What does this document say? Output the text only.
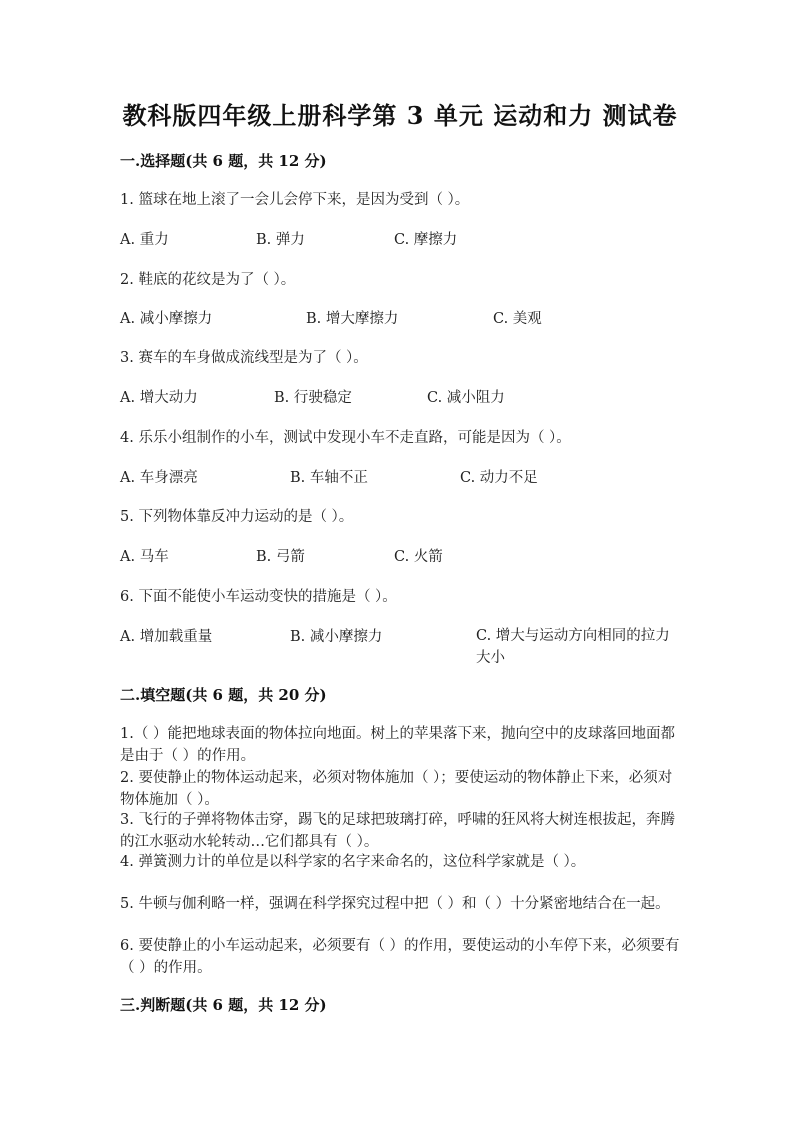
教科版四年级上册科学第 3 单元 运动和力 测试卷
一.选择题(共 6 题，共 12 分)
1. 篮球在地上滚了一会儿会停下来，是因为受到（ ）。
A. 重力	B. 弹力	C. 摩擦力
2. 鞋底的花纹是为了（ ）。
A. 减小摩擦力	B. 增大摩擦力	C. 美观
3. 赛车的车身做成流线型是为了（ ）。
A. 增大动力	B. 行驶稳定	C. 减小阻力
4. 乐乐小组制作的小车，测试中发现小车不走直路，可能是因为（ ）。
A. 车身漂亮	B. 车轴不正	C. 动力不足
5. 下列物体靠反冲力运动的是（ ）。
A. 马车	B. 弓箭	C. 火箭
6. 下面不能使小车运动变快的措施是（ ）。
A. 增加载重量	B. 减小摩擦力	C. 增大与运动方向相同的拉力大小
二.填空题(共 6 题，共 20 分)
1.（ ）能把地球表面的物体拉向地面。树上的苹果落下来，抛向空中的皮球落回地面都是由于（ ）的作用。
2. 要使静止的物体运动起来，必须对物体施加（ ）；要使运动的物体静止下来，必须对物体施加（ ）。
3. 飞行的子弹将物体击穿，踢飞的足球把玻璃打碎，呼啸的狂风将大树连根拔起，奔腾的江水驱动水轮转动…它们都具有（ ）。
4. 弹簧测力计的单位是以科学家的名字来命名的，这位科学家就是（ ）。
5. 牛顿与伽利略一样，强调在科学探究过程中把（ ）和（ ）十分紧密地结合在一起。
6. 要使静止的小车运动起来，必须要有（ ）的作用，要使运动的小车停下来，必须要有（ ）的作用。
三.判断题(共 6 题，共 12 分)
